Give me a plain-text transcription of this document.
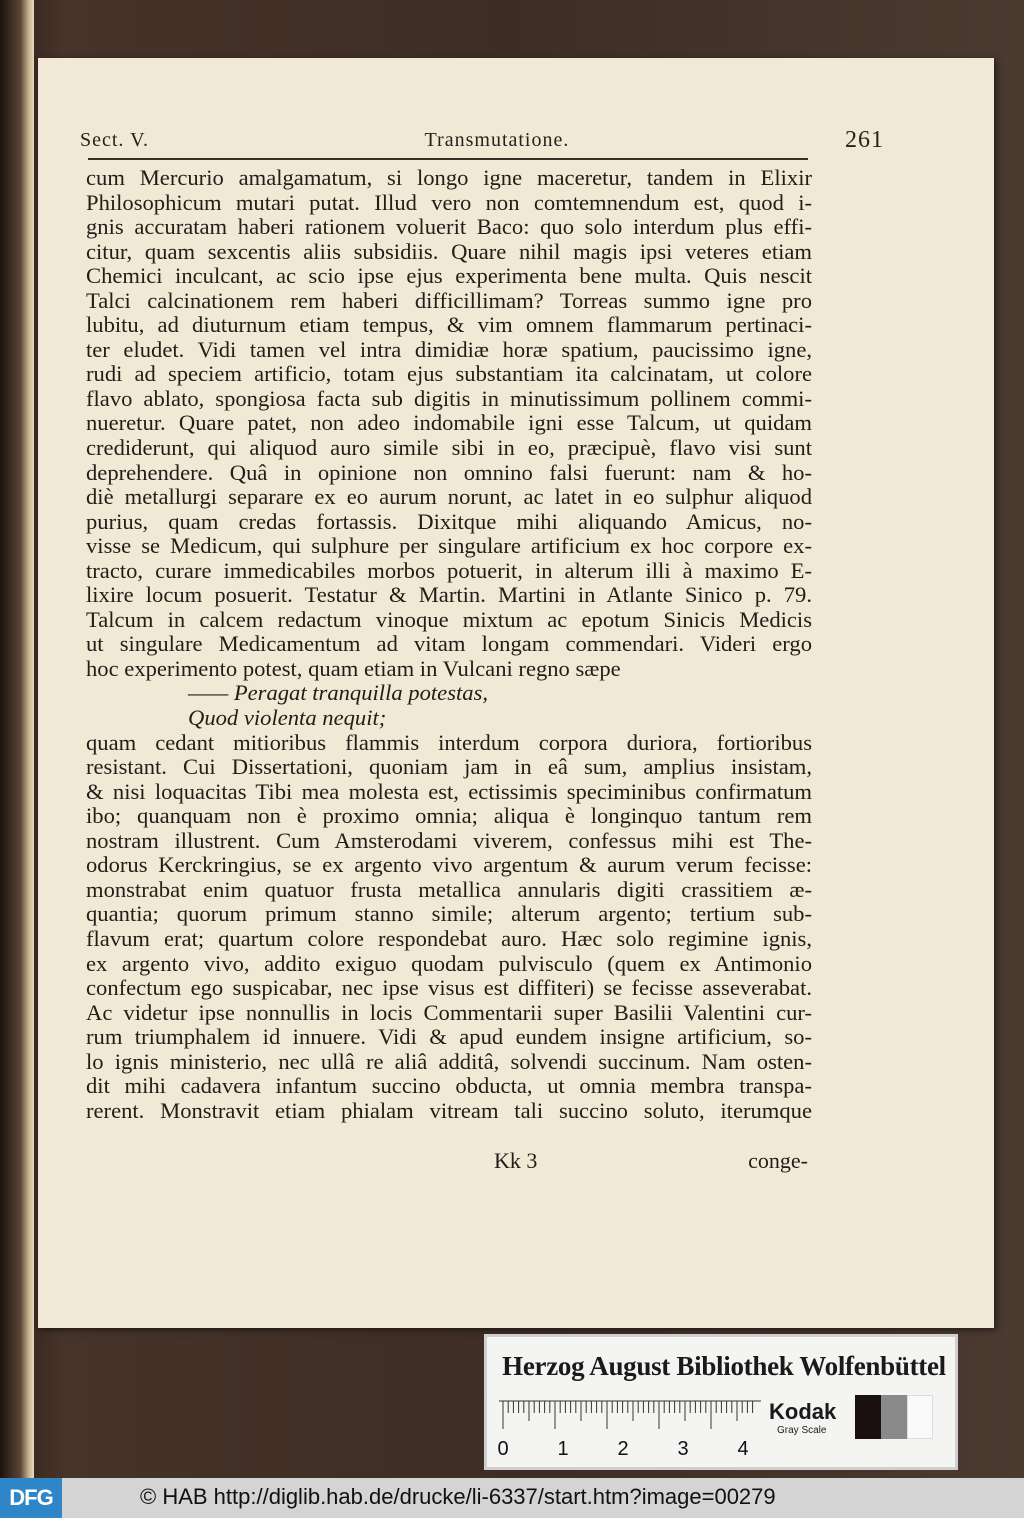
Sect. V.	Transmutatione.	261
cum Mercurio amalgamatum, si longo igne maceretur, tandem in Elixir
Philosophicum mutari putat. Illud vero non comtemnendum est, quod i-
gnis accuratam haberi rationem voluerit Baco: quo solo interdum plus effi-
citur, quam sexcentis aliis subsidiis. Quare nihil magis ipsi veteres etiam
Chemici inculcant, ac scio ipse ejus experimenta bene multa. Quis nescit
Talci calcinationem rem haberi difficillimam? Torreas summo igne pro
lubitu, ad diuturnum etiam tempus, & vim omnem flammarum pertinaci-
ter eludet. Vidi tamen vel intra dimidiæ horæ spatium, paucissimo igne,
rudi ad speciem artificio, totam ejus substantiam ita calcinatam, ut colore
flavo ablato, spongiosa facta sub digitis in minutissimum pollinem commi-
nueretur. Quare patet, non adeo indomabile igni esse Talcum, ut quidam
crediderunt, qui aliquod auro simile sibi in eo, præcipuè, flavo visi sunt
deprehendere. Quâ in opinione non omnino falsi fuerunt: nam & ho-
diè metallurgi separare ex eo aurum norunt, ac latet in eo sulphur aliquod
purius, quam credas fortassis. Dixitque mihi aliquando Amicus, no-
visse se Medicum, qui sulphure per singulare artificium ex hoc corpore ex-
tracto, curare immedicabiles morbos potuerit, in alterum illi à maximo E-
lixire locum posuerit. Testatur & Martin. Martini in Atlante Sinico p. 79.
Talcum in calcem redactum vinoque mixtum ac epotum Sinicis Medicis
ut singulare Medicamentum ad vitam longam commendari. Videri ergo
hoc experimento potest, quam etiam in Vulcani regno sæpe
—— Peragat tranquilla potestas,
Quod violenta nequit;
quam cedant mitioribus flammis interdum corpora duriora, fortioribus
resistant. Cui Dissertationi, quoniam jam in eâ sum, amplius insistam,
& nisi loquacitas Tibi mea molesta est, ectissimis speciminibus confirmatum
ibo; quanquam non è proximo omnia; aliqua è longinquo tantum rem
nostram illustrent. Cum Amsterodami viverem, confessus mihi est The-
odorus Kerckringius, se ex argento vivo argentum & aurum verum fecisse:
monstrabat enim quatuor frusta metallica annularis digiti crassitiem æ-
quantia; quorum primum stanno simile; alterum argento; tertium sub-
flavum erat; quartum colore respondebat auro. Hæc solo regimine ignis,
ex argento vivo, addito exiguo quodam pulvisculo (quem ex Antimonio
confectum ego suspicabar, nec ipse visus est diffiteri) se fecisse asseverabat.
Ac videtur ipse nonnullis in locis Commentarii super Basilii Valentini cur-
rum triumphalem id innuere. Vidi & apud eundem insigne artificium, so-
lo ignis ministerio, nec ullâ re aliâ additâ, solvendi succinum. Nam osten-
dit mihi cadavera infantum succino obducta, ut omnia membra transpa-
rerent. Monstravit etiam phialam vitream tali succino soluto, iterumque
Kk 3	conge-
Herzog August Bibliothek Wolfenbüttel
0 1 2 3 4
Kodak
Gray Scale
DFG	© HAB http://diglib.hab.de/drucke/li-6337/start.htm?image=00279
